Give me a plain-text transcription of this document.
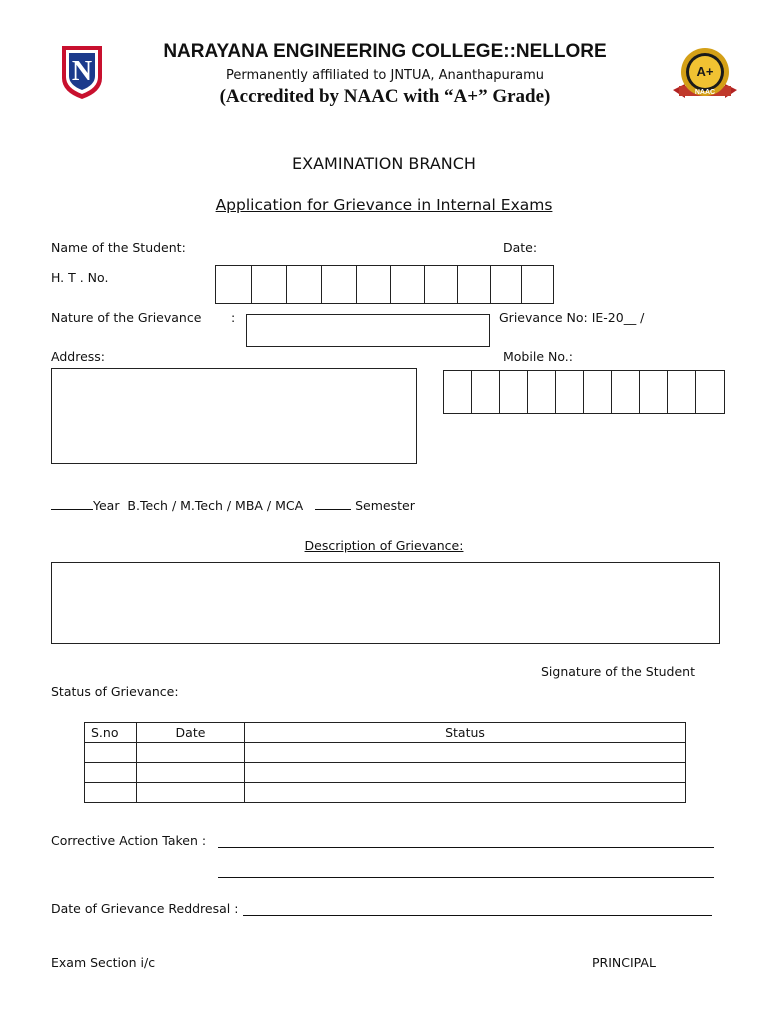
N	A+
NAAC
NARAYANA ENGINEERING COLLEGE::NELLORE
Permanently affiliated to JNTUA, Ananthapuramu
(Accredited by NAAC with “A+” Grade)
EXAMINATION BRANCH
Application for Grievance in Internal Exams
Name of the Student:	Date:
H. T . No.
Nature of the Grievance :	Grievance No: IE-20__ /
Address:	Mobile No.:
Year B.Tech / M.Tech / MBA / MCA	Semester
Description of Grievance:
Signature of the Student
Status of Grievance:
S.no	Date	Status

Corrective Action Taken :
Date of Grievance Reddresal :
Exam Section i/c	PRINCIPAL
